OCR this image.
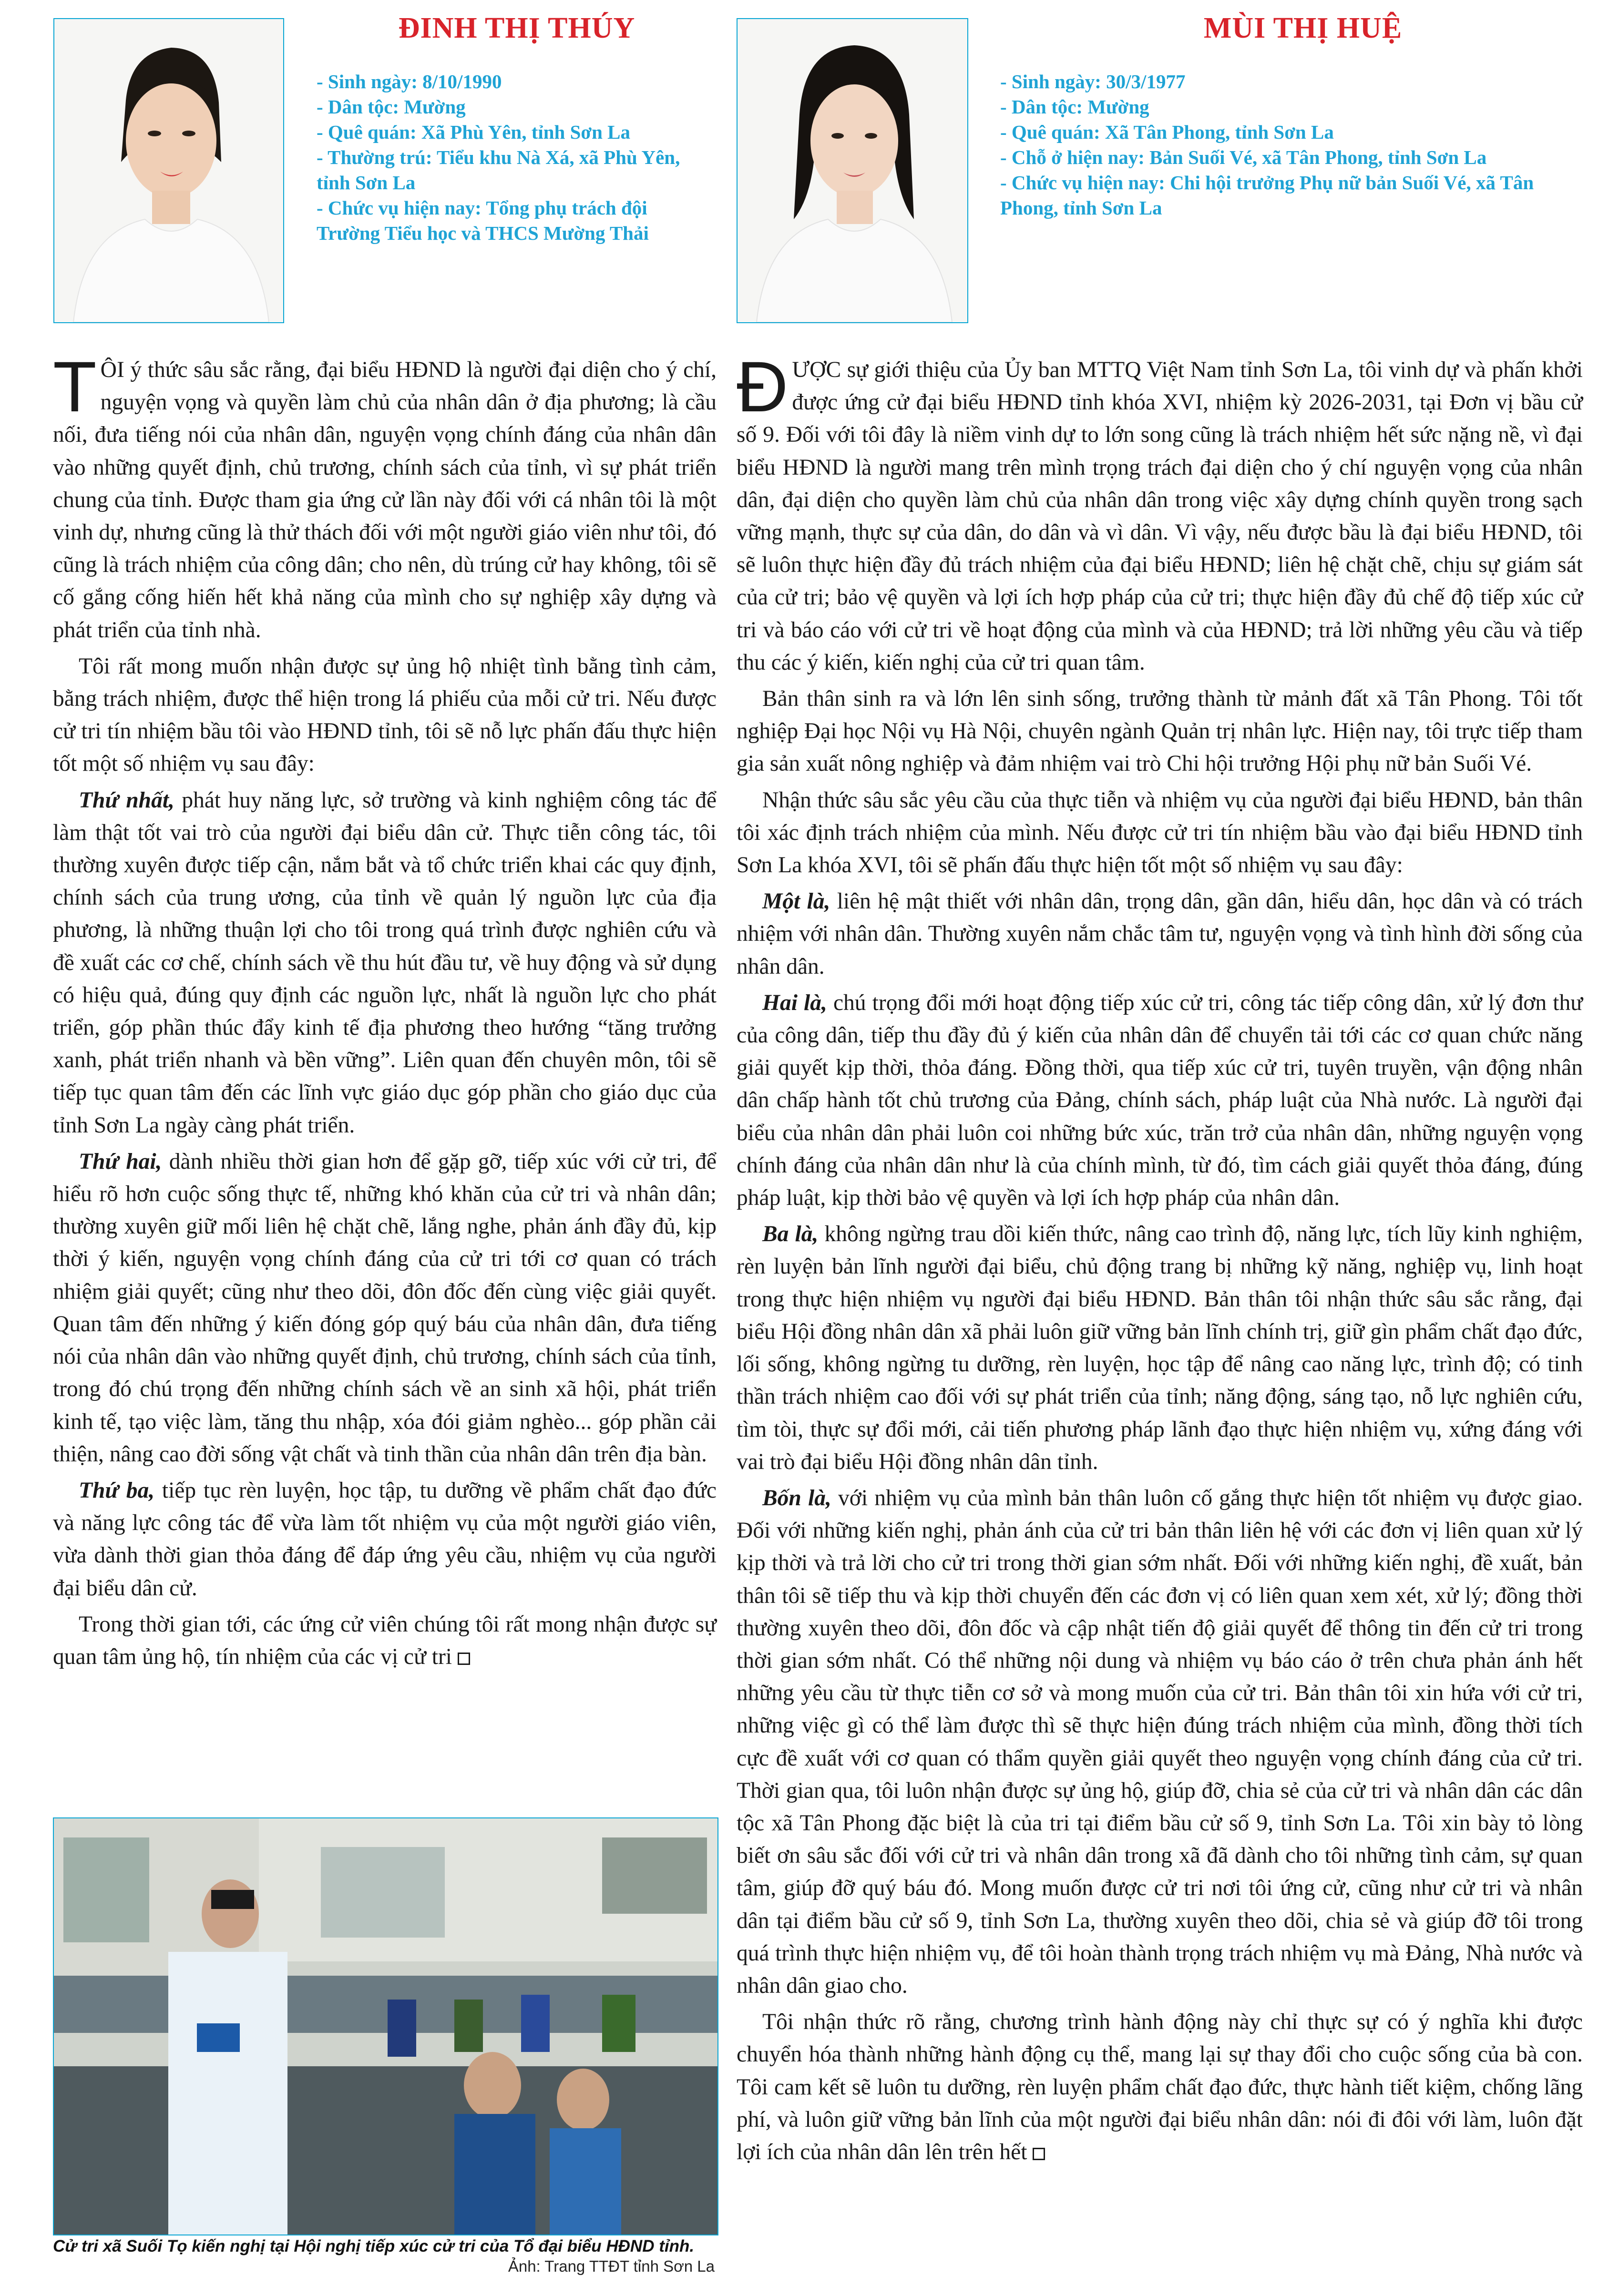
ĐINH THỊ THÚY
- Sinh ngày: 8/10/1990
- Dân tộc: Mường
- Quê quán: Xã Phù Yên, tỉnh Sơn La
- Thường trú: Tiểu khu Nà Xá, xã Phù Yên, tỉnh Sơn La
- Chức vụ hiện nay: Tổng phụ trách đội Trường Tiểu học và THCS Mường Thải
MÙI THỊ HUỆ
- Sinh ngày: 30/3/1977
- Dân tộc: Mường
- Quê quán: Xã Tân Phong, tỉnh Sơn La
- Chỗ ở hiện nay: Bản Suối Vé, xã Tân Phong, tỉnh Sơn La
- Chức vụ hiện nay: Chi hội trưởng Phụ nữ bản Suối Vé, xã Tân Phong, tỉnh Sơn La

TÔI ý thức sâu sắc rằng, đại biểu HĐND là người đại diện cho ý chí, nguyện vọng và quyền làm chủ của nhân dân ở địa phương; là cầu nối, đưa tiếng nói của nhân dân, nguyện vọng chính đáng của nhân dân vào những quyết định, chủ trương, chính sách của tỉnh, vì sự phát triển chung của tỉnh. Được tham gia ứng cử lần này đối với cá nhân tôi là một vinh dự, nhưng cũng là thử thách đối với một người giáo viên như tôi, đó cũng là trách nhiệm của công dân; cho nên, dù trúng cử hay không, tôi sẽ cố gắng cống hiến hết khả năng của mình cho sự nghiệp xây dựng và phát triển của tỉnh nhà.

Tôi rất mong muốn nhận được sự ủng hộ nhiệt tình bằng tình cảm, bằng trách nhiệm, được thể hiện trong lá phiếu của mỗi cử tri. Nếu được cử tri tín nhiệm bầu tôi vào HĐND tỉnh, tôi sẽ nỗ lực phấn đấu thực hiện tốt một số nhiệm vụ sau đây:

Thứ nhất, phát huy năng lực, sở trường và kinh nghiệm công tác để làm thật tốt vai trò của người đại biểu dân cử. Thực tiễn công tác, tôi thường xuyên được tiếp cận, nắm bắt và tổ chức triển khai các quy định, chính sách của trung ương, của tỉnh về quản lý nguồn lực của địa phương, là những thuận lợi cho tôi trong quá trình được nghiên cứu và đề xuất các cơ chế, chính sách về thu hút đầu tư, về huy động và sử dụng có hiệu quả, đúng quy định các nguồn lực, nhất là nguồn lực cho phát triển, góp phần thúc đẩy kinh tế địa phương theo hướng “tăng trưởng xanh, phát triển nhanh và bền vững”. Liên quan đến chuyên môn, tôi sẽ tiếp tục quan tâm đến các lĩnh vực giáo dục góp phần cho giáo dục của tỉnh Sơn La ngày càng phát triển.

Thứ hai, dành nhiều thời gian hơn để gặp gỡ, tiếp xúc với cử tri, để hiểu rõ hơn cuộc sống thực tế, những khó khăn của cử tri và nhân dân; thường xuyên giữ mối liên hệ chặt chẽ, lắng nghe, phản ánh đầy đủ, kịp thời ý kiến, nguyện vọng chính đáng của cử tri tới cơ quan có trách nhiệm giải quyết; cũng như theo dõi, đôn đốc đến cùng việc giải quyết. Quan tâm đến những ý kiến đóng góp quý báu của nhân dân, đưa tiếng nói của nhân dân vào những quyết định, chủ trương, chính sách của tỉnh, trong đó chú trọng đến những chính sách về an sinh xã hội, phát triển kinh tế, tạo việc làm, tăng thu nhập, xóa đói giảm nghèo... góp phần cải thiện, nâng cao đời sống vật chất và tinh thần của nhân dân trên địa bàn.

Thứ ba, tiếp tục rèn luyện, học tập, tu dưỡng về phẩm chất đạo đức và năng lực công tác để vừa làm tốt nhiệm vụ của một người giáo viên, vừa dành thời gian thỏa đáng để đáp ứng yêu cầu, nhiệm vụ của người đại biểu dân cử.

Trong thời gian tới, các ứng cử viên chúng tôi rất mong nhận được sự quan tâm ủng hộ, tín nhiệm của các vị cử tri

Cử tri xã Suối Tọ kiến nghị tại Hội nghị tiếp xúc cử tri của Tổ đại biểu HĐND tỉnh.
Ảnh: Trang TTĐT tỉnh Sơn La

ĐƯỢC sự giới thiệu của Ủy ban MTTQ Việt Nam tỉnh Sơn La, tôi vinh dự và phấn khởi được ứng cử đại biểu HĐND tỉnh khóa XVI, nhiệm kỳ 2026-2031, tại Đơn vị bầu cử số 9. Đối với tôi đây là niềm vinh dự to lớn song cũng là trách nhiệm hết sức nặng nề, vì đại biểu HĐND là người mang trên mình trọng trách đại diện cho ý chí nguyện vọng của nhân dân, đại diện cho quyền làm chủ của nhân dân trong việc xây dựng chính quyền trong sạch vững mạnh, thực sự của dân, do dân và vì dân. Vì vậy, nếu được bầu là đại biểu HĐND, tôi sẽ luôn thực hiện đầy đủ trách nhiệm của đại biểu HĐND; liên hệ chặt chẽ, chịu sự giám sát của cử tri; bảo vệ quyền và lợi ích hợp pháp của cử tri; thực hiện đầy đủ chế độ tiếp xúc cử tri và báo cáo với cử tri về hoạt động của mình và của HĐND; trả lời những yêu cầu và tiếp thu các ý kiến, kiến nghị của cử tri quan tâm.

Bản thân sinh ra và lớn lên sinh sống, trưởng thành từ mảnh đất xã Tân Phong. Tôi tốt nghiệp Đại học Nội vụ Hà Nội, chuyên ngành Quản trị nhân lực. Hiện nay, tôi trực tiếp tham gia sản xuất nông nghiệp và đảm nhiệm vai trò Chi hội trưởng Hội phụ nữ bản Suối Vé.

Nhận thức sâu sắc yêu cầu của thực tiễn và nhiệm vụ của người đại biểu HĐND, bản thân tôi xác định trách nhiệm của mình. Nếu được cử tri tín nhiệm bầu vào đại biểu HĐND tỉnh Sơn La khóa XVI, tôi sẽ phấn đấu thực hiện tốt một số nhiệm vụ sau đây:

Một là, liên hệ mật thiết với nhân dân, trọng dân, gần dân, hiểu dân, học dân và có trách nhiệm với nhân dân. Thường xuyên nắm chắc tâm tư, nguyện vọng và tình hình đời sống của nhân dân.

Hai là, chú trọng đổi mới hoạt động tiếp xúc cử tri, công tác tiếp công dân, xử lý đơn thư của công dân, tiếp thu đầy đủ ý kiến của nhân dân để chuyển tải tới các cơ quan chức năng giải quyết kịp thời, thỏa đáng. Đồng thời, qua tiếp xúc cử tri, tuyên truyền, vận động nhân dân chấp hành tốt chủ trương của Đảng, chính sách, pháp luật của Nhà nước. Là người đại biểu của nhân dân phải luôn coi những bức xúc, trăn trở của nhân dân, những nguyện vọng chính đáng của nhân dân như là của chính mình, từ đó, tìm cách giải quyết thỏa đáng, đúng pháp luật, kịp thời bảo vệ quyền và lợi ích hợp pháp của nhân dân.

Ba là, không ngừng trau dồi kiến thức, nâng cao trình độ, năng lực, tích lũy kinh nghiệm, rèn luyện bản lĩnh người đại biểu, chủ động trang bị những kỹ năng, nghiệp vụ, linh hoạt trong thực hiện nhiệm vụ người đại biểu HĐND. Bản thân tôi nhận thức sâu sắc rằng, đại biểu Hội đồng nhân dân xã phải luôn giữ vững bản lĩnh chính trị, giữ gìn phẩm chất đạo đức, lối sống, không ngừng tu dưỡng, rèn luyện, học tập để nâng cao năng lực, trình độ; có tinh thần trách nhiệm cao đối với sự phát triển của tỉnh; năng động, sáng tạo, nỗ lực nghiên cứu, tìm tòi, thực sự đổi mới, cải tiến phương pháp lãnh đạo thực hiện nhiệm vụ, xứng đáng với vai trò đại biểu Hội đồng nhân dân tỉnh.

Bốn là, với nhiệm vụ của mình bản thân luôn cố gắng thực hiện tốt nhiệm vụ được giao. Đối với những kiến nghị, phản ánh của cử tri bản thân liên hệ với các đơn vị liên quan xử lý kịp thời và trả lời cho cử tri trong thời gian sớm nhất. Đối với những kiến nghị, đề xuất, bản thân tôi sẽ tiếp thu và kịp thời chuyển đến các đơn vị có liên quan xem xét, xử lý; đồng thời thường xuyên theo dõi, đôn đốc và cập nhật tiến độ giải quyết để thông tin đến cử tri trong thời gian sớm nhất. Có thể những nội dung và nhiệm vụ báo cáo ở trên chưa phản ánh hết những yêu cầu từ thực tiễn cơ sở và mong muốn của cử tri. Bản thân tôi xin hứa với cử tri, những việc gì có thể làm được thì sẽ thực hiện đúng trách nhiệm của mình, đồng thời tích cực đề xuất với cơ quan có thẩm quyền giải quyết theo nguyện vọng chính đáng của cử tri. Thời gian qua, tôi luôn nhận được sự ủng hộ, giúp đỡ, chia sẻ của cử tri và nhân dân các dân tộc xã Tân Phong đặc biệt là của tri tại điểm bầu cử số 9, tỉnh Sơn La. Tôi xin bày tỏ lòng biết ơn sâu sắc đối với cử tri và nhân dân trong xã đã dành cho tôi những tình cảm, sự quan tâm, giúp đỡ quý báu đó. Mong muốn được cử tri nơi tôi ứng cử, cũng như cử tri và nhân dân tại điểm bầu cử số 9, tỉnh Sơn La, thường xuyên theo dõi, chia sẻ và giúp đỡ tôi trong quá trình thực hiện nhiệm vụ, để tôi hoàn thành trọng trách nhiệm vụ mà Đảng, Nhà nước và nhân dân giao cho.

Tôi nhận thức rõ rằng, chương trình hành động này chỉ thực sự có ý nghĩa khi được chuyển hóa thành những hành động cụ thể, mang lại sự thay đổi cho cuộc sống của bà con. Tôi cam kết sẽ luôn tu dưỡng, rèn luyện phẩm chất đạo đức, thực hành tiết kiệm, chống lãng phí, và luôn giữ vững bản lĩnh của một người đại biểu nhân dân: nói đi đôi với làm, luôn đặt lợi ích của nhân dân lên trên hết
